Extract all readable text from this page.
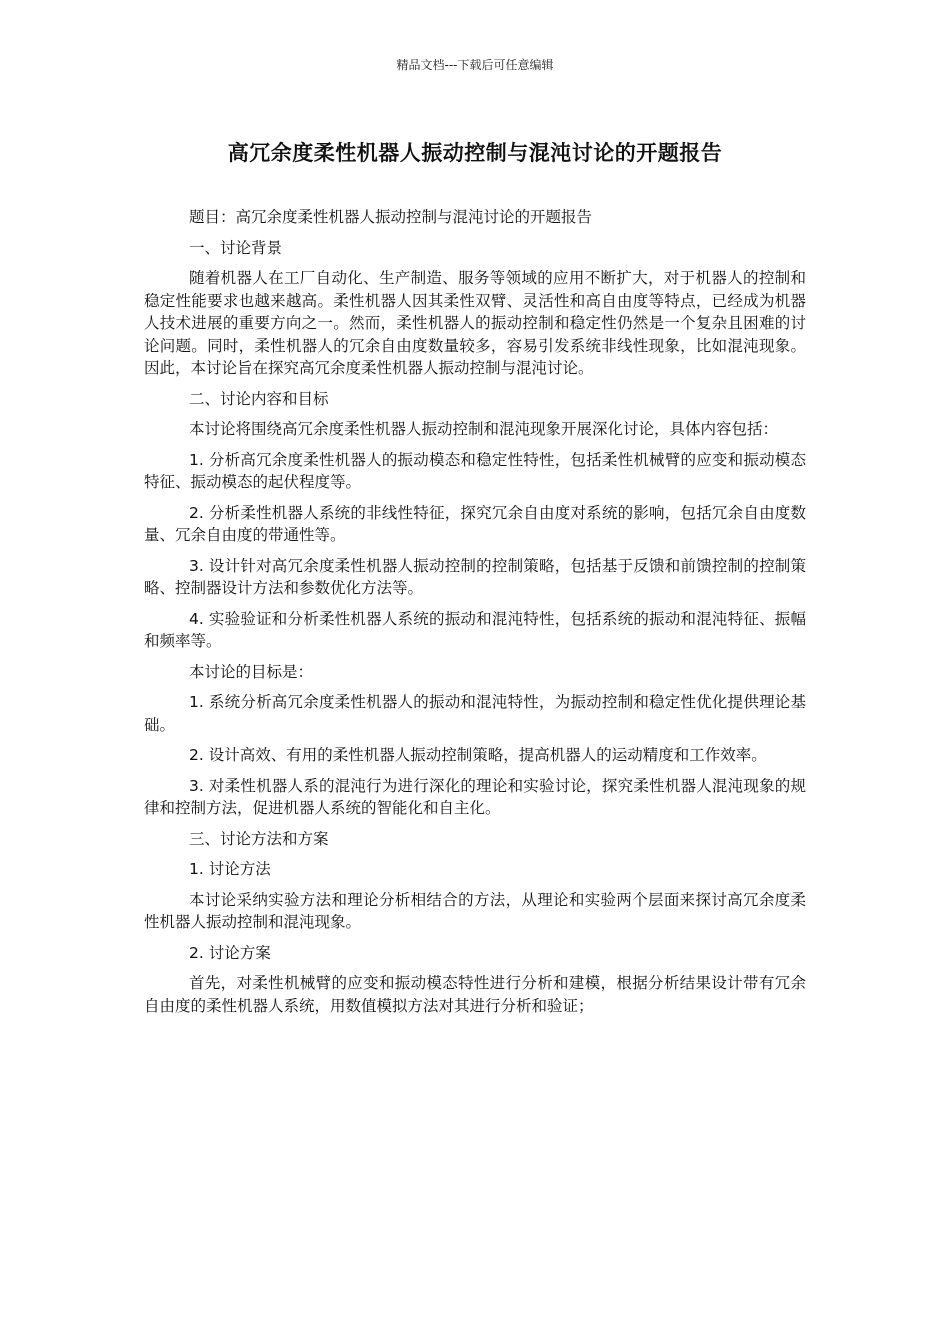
精品文档---下载后可任意编辑
高冗余度柔性机器人振动控制与混沌讨论的开题报告

题目：高冗余度柔性机器人振动控制与混沌讨论的开题报告

一、讨论背景

随着机器人在工厂自动化、生产制造、服务等领域的应用不断扩大，对于机器人的控制和稳定性能要求也越来越高。柔性机器人因其柔性双臂、灵活性和高自由度等特点，已经成为机器人技术进展的重要方向之一。然而，柔性机器人的振动控制和稳定性仍然是一个复杂且困难的讨论问题。同时，柔性机器人的冗余自由度数量较多，容易引发系统非线性现象，比如混沌现象。因此，本讨论旨在探究高冗余度柔性机器人振动控制与混沌讨论。

二、讨论内容和目标

本讨论将围绕高冗余度柔性机器人振动控制和混沌现象开展深化讨论，具体内容包括：

1. 分析高冗余度柔性机器人的振动模态和稳定性特性，包括柔性机械臂的应变和振动模态特征、振动模态的起伏程度等。

2. 分析柔性机器人系统的非线性特征，探究冗余自由度对系统的影响，包括冗余自由度数量、冗余自由度的带通性等。

3. 设计针对高冗余度柔性机器人振动控制的控制策略，包括基于反馈和前馈控制的控制策略、控制器设计方法和参数优化方法等。

4. 实验验证和分析柔性机器人系统的振动和混沌特性，包括系统的振动和混沌特征、振幅和频率等。

本讨论的目标是：

1. 系统分析高冗余度柔性机器人的振动和混沌特性，为振动控制和稳定性优化提供理论基础。

2. 设计高效、有用的柔性机器人振动控制策略，提高机器人的运动精度和工作效率。

3. 对柔性机器人系的混沌行为进行深化的理论和实验讨论，探究柔性机器人混沌现象的规律和控制方法，促进机器人系统的智能化和自主化。

三、讨论方法和方案

1. 讨论方法

本讨论采纳实验方法和理论分析相结合的方法，从理论和实验两个层面来探讨高冗余度柔性机器人振动控制和混沌现象。

2. 讨论方案

首先，对柔性机械臂的应变和振动模态特性进行分析和建模，根据分析结果设计带有冗余自由度的柔性机器人系统，用数值模拟方法对其进行分析和验证；
